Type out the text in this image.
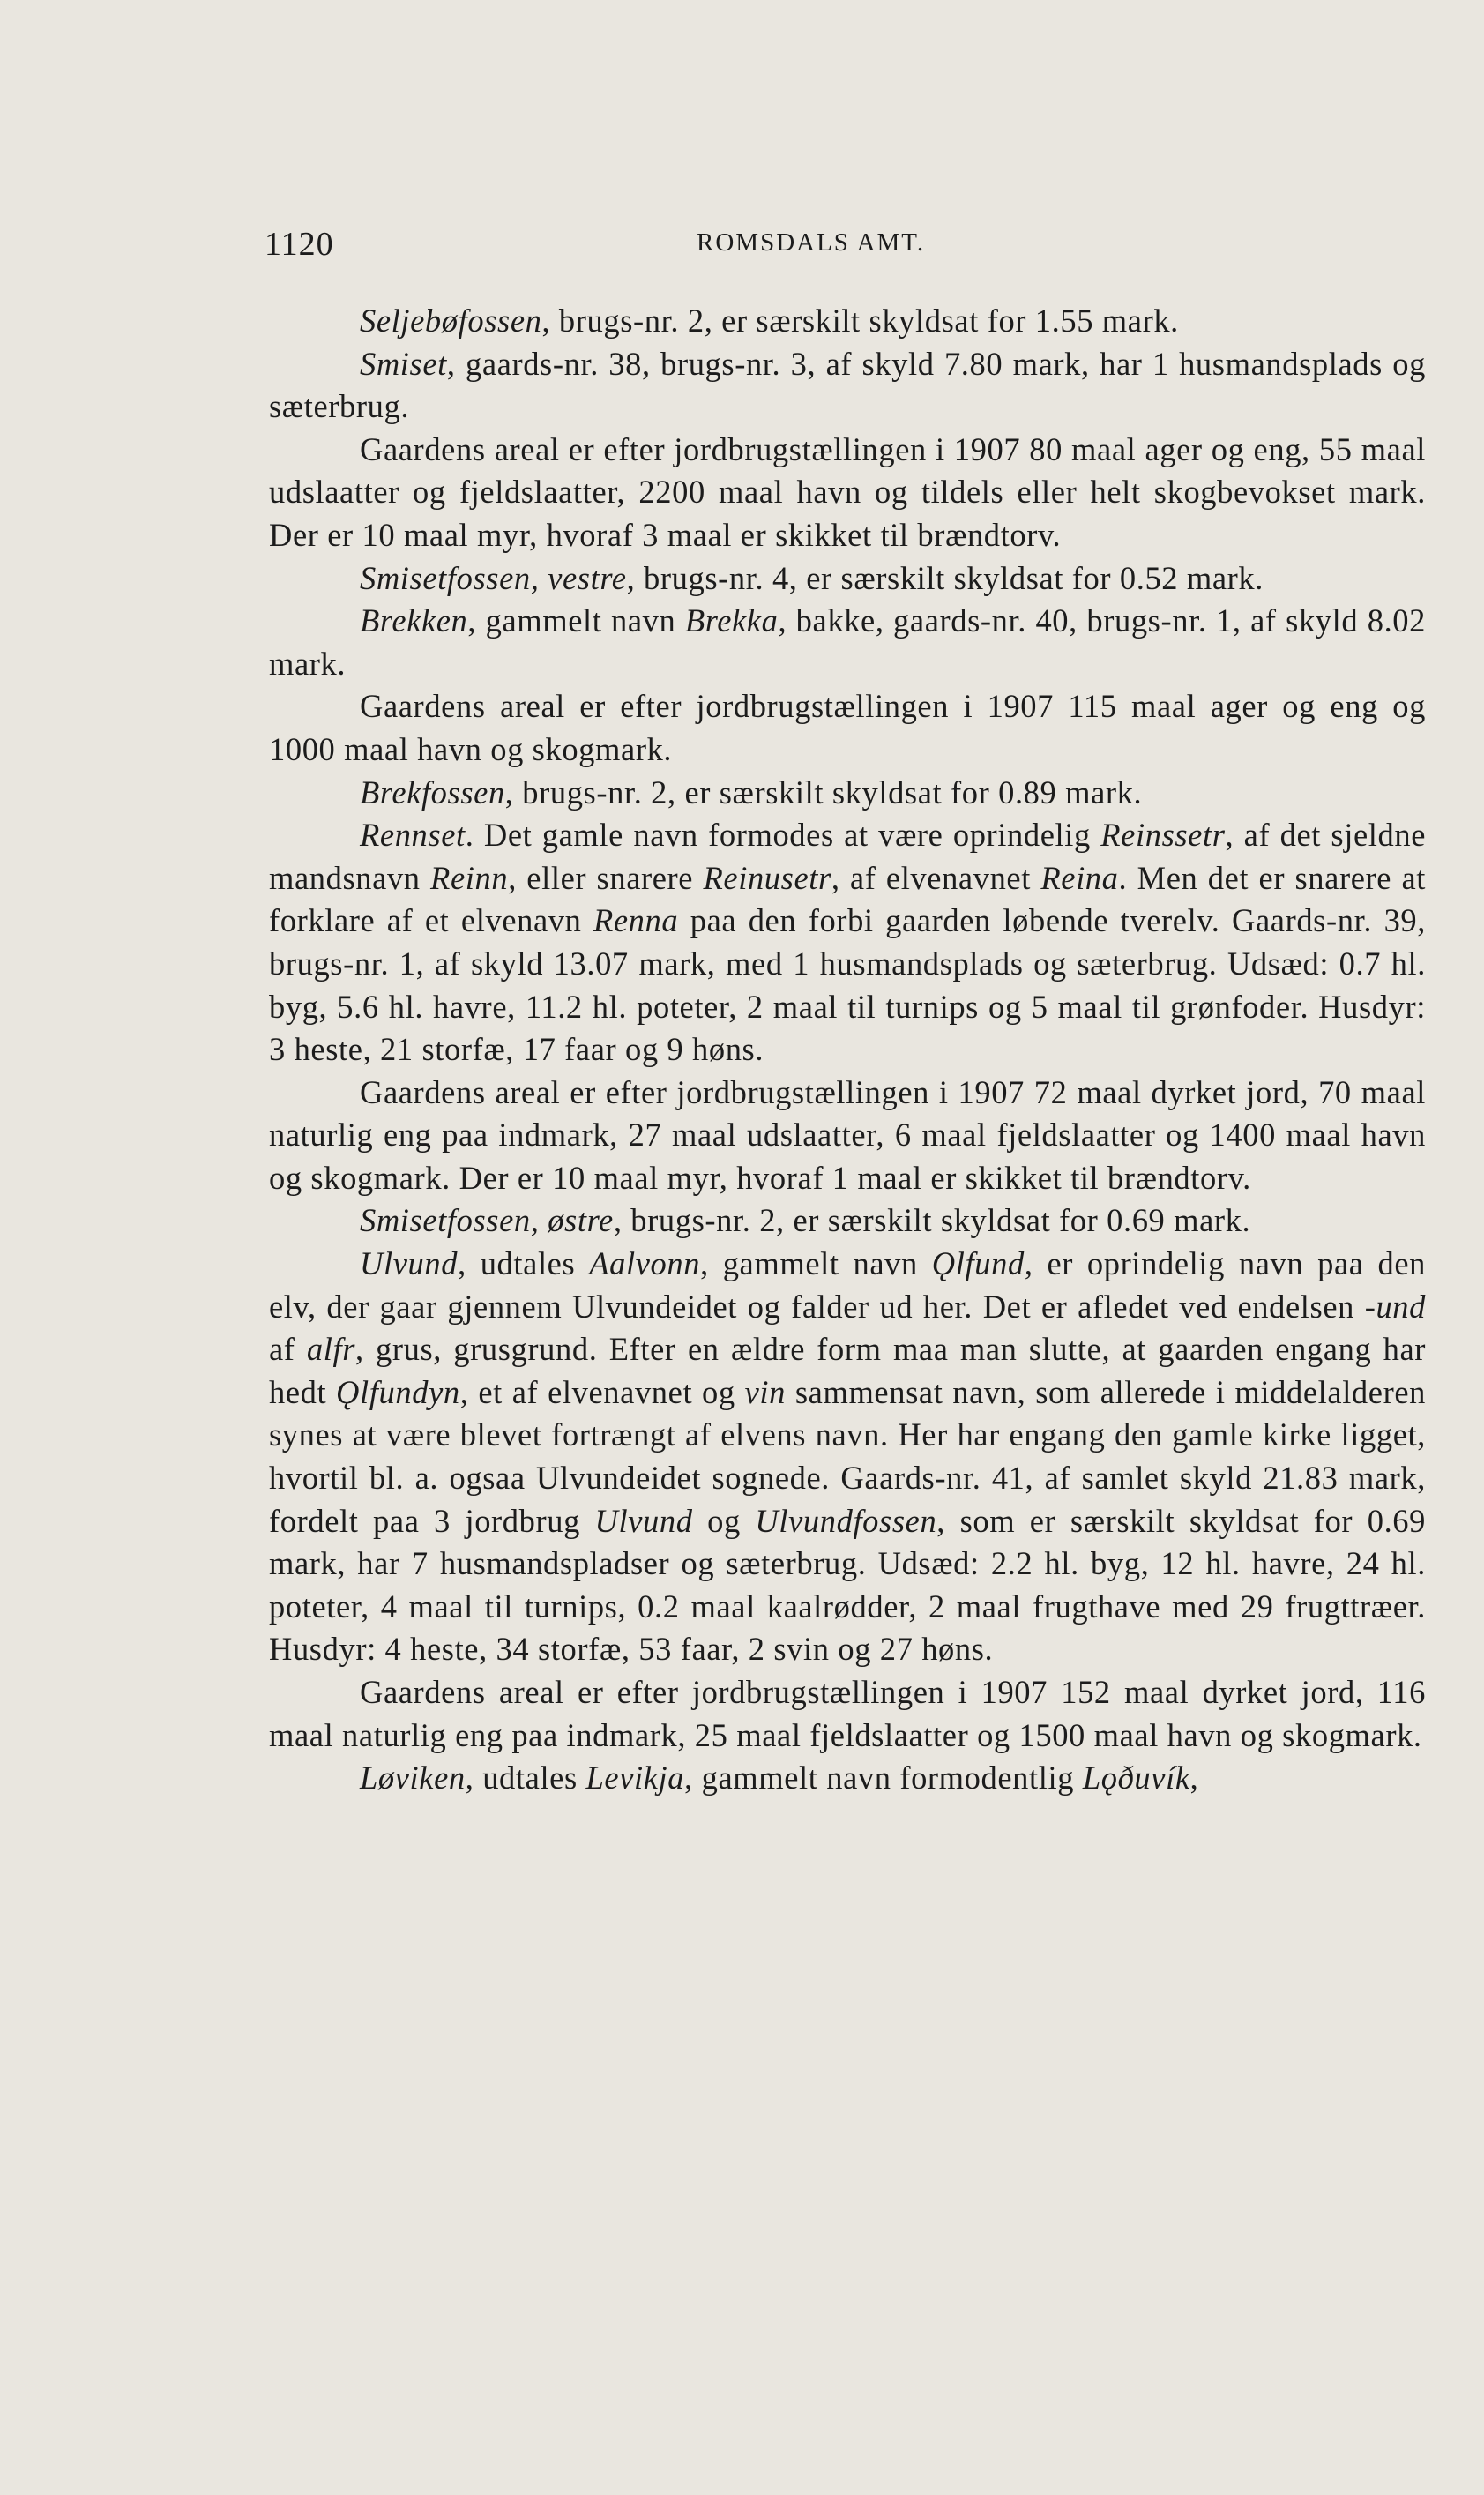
1120	ROMSDALS AMT.

Seljebøfossen, brugs-nr. 2, er særskilt skyldsat for 1.55 mark.

Smiset, gaards-nr. 38, brugs-nr. 3, af skyld 7.80 mark, har 1 husmandsplads og sæterbrug.

Gaardens areal er efter jordbrugstællingen i 1907 80 maal ager og eng, 55 maal udslaatter og fjeldslaatter, 2200 maal havn og tildels eller helt skogbevokset mark. Der er 10 maal myr, hvoraf 3 maal er skikket til brændtorv.

Smisetfossen, vestre, brugs-nr. 4, er særskilt skyldsat for 0.52 mark.

Brekken, gammelt navn Brekka, bakke, gaards-nr. 40, brugs-nr. 1, af skyld 8.02 mark.

Gaardens areal er efter jordbrugstællingen i 1907 115 maal ager og eng og 1000 maal havn og skogmark.

Brekfossen, brugs-nr. 2, er særskilt skyldsat for 0.89 mark.

Rennset. Det gamle navn formodes at være oprindelig Reinssetr, af det sjeldne mandsnavn Reinn, eller snarere Reinusetr, af elvenavnet Reina. Men det er snarere at forklare af et elvenavn Renna paa den forbi gaarden løbende tverelv. Gaards-nr. 39, brugs-nr. 1, af skyld 13.07 mark, med 1 husmandsplads og sæterbrug. Udsæd: 0.7 hl. byg, 5.6 hl. havre, 11.2 hl. poteter, 2 maal til turnips og 5 maal til grønfoder. Husdyr: 3 heste, 21 storfæ, 17 faar og 9 høns.

Gaardens areal er efter jordbrugstællingen i 1907 72 maal dyrket jord, 70 maal naturlig eng paa indmark, 27 maal udslaatter, 6 maal fjeldslaatter og 1400 maal havn og skogmark. Der er 10 maal myr, hvoraf 1 maal er skikket til brændtorv.

Smisetfossen, østre, brugs-nr. 2, er særskilt skyldsat for 0.69 mark.

Ulvund, udtales Aalvonn, gammelt navn Ǫlfund, er oprindelig navn paa den elv, der gaar gjennem Ulvundeidet og falder ud her. Det er afledet ved endelsen -und af alfr, grus, grusgrund. Efter en ældre form maa man slutte, at gaarden engang har hedt Ǫlfundyn, et af elvenavnet og vin sammensat navn, som allerede i middelalderen synes at være blevet fortrængt af elvens navn. Her har engang den gamle kirke ligget, hvortil bl. a. ogsaa Ulvundeidet sognede. Gaards-nr. 41, af samlet skyld 21.83 mark, fordelt paa 3 jordbrug Ulvund og Ulvundfossen, som er særskilt skyldsat for 0.69 mark, har 7 husmandspladser og sæterbrug. Udsæd: 2.2 hl. byg, 12 hl. havre, 24 hl. poteter, 4 maal til turnips, 0.2 maal kaalrødder, 2 maal frugthave med 29 frugttræer. Husdyr: 4 heste, 34 storfæ, 53 faar, 2 svin og 27 høns.

Gaardens areal er efter jordbrugstællingen i 1907 152 maal dyrket jord, 116 maal naturlig eng paa indmark, 25 maal fjeldslaatter og 1500 maal havn og skogmark.

Løviken, udtales Levikja, gammelt navn formodentlig Lǫðuvík,
